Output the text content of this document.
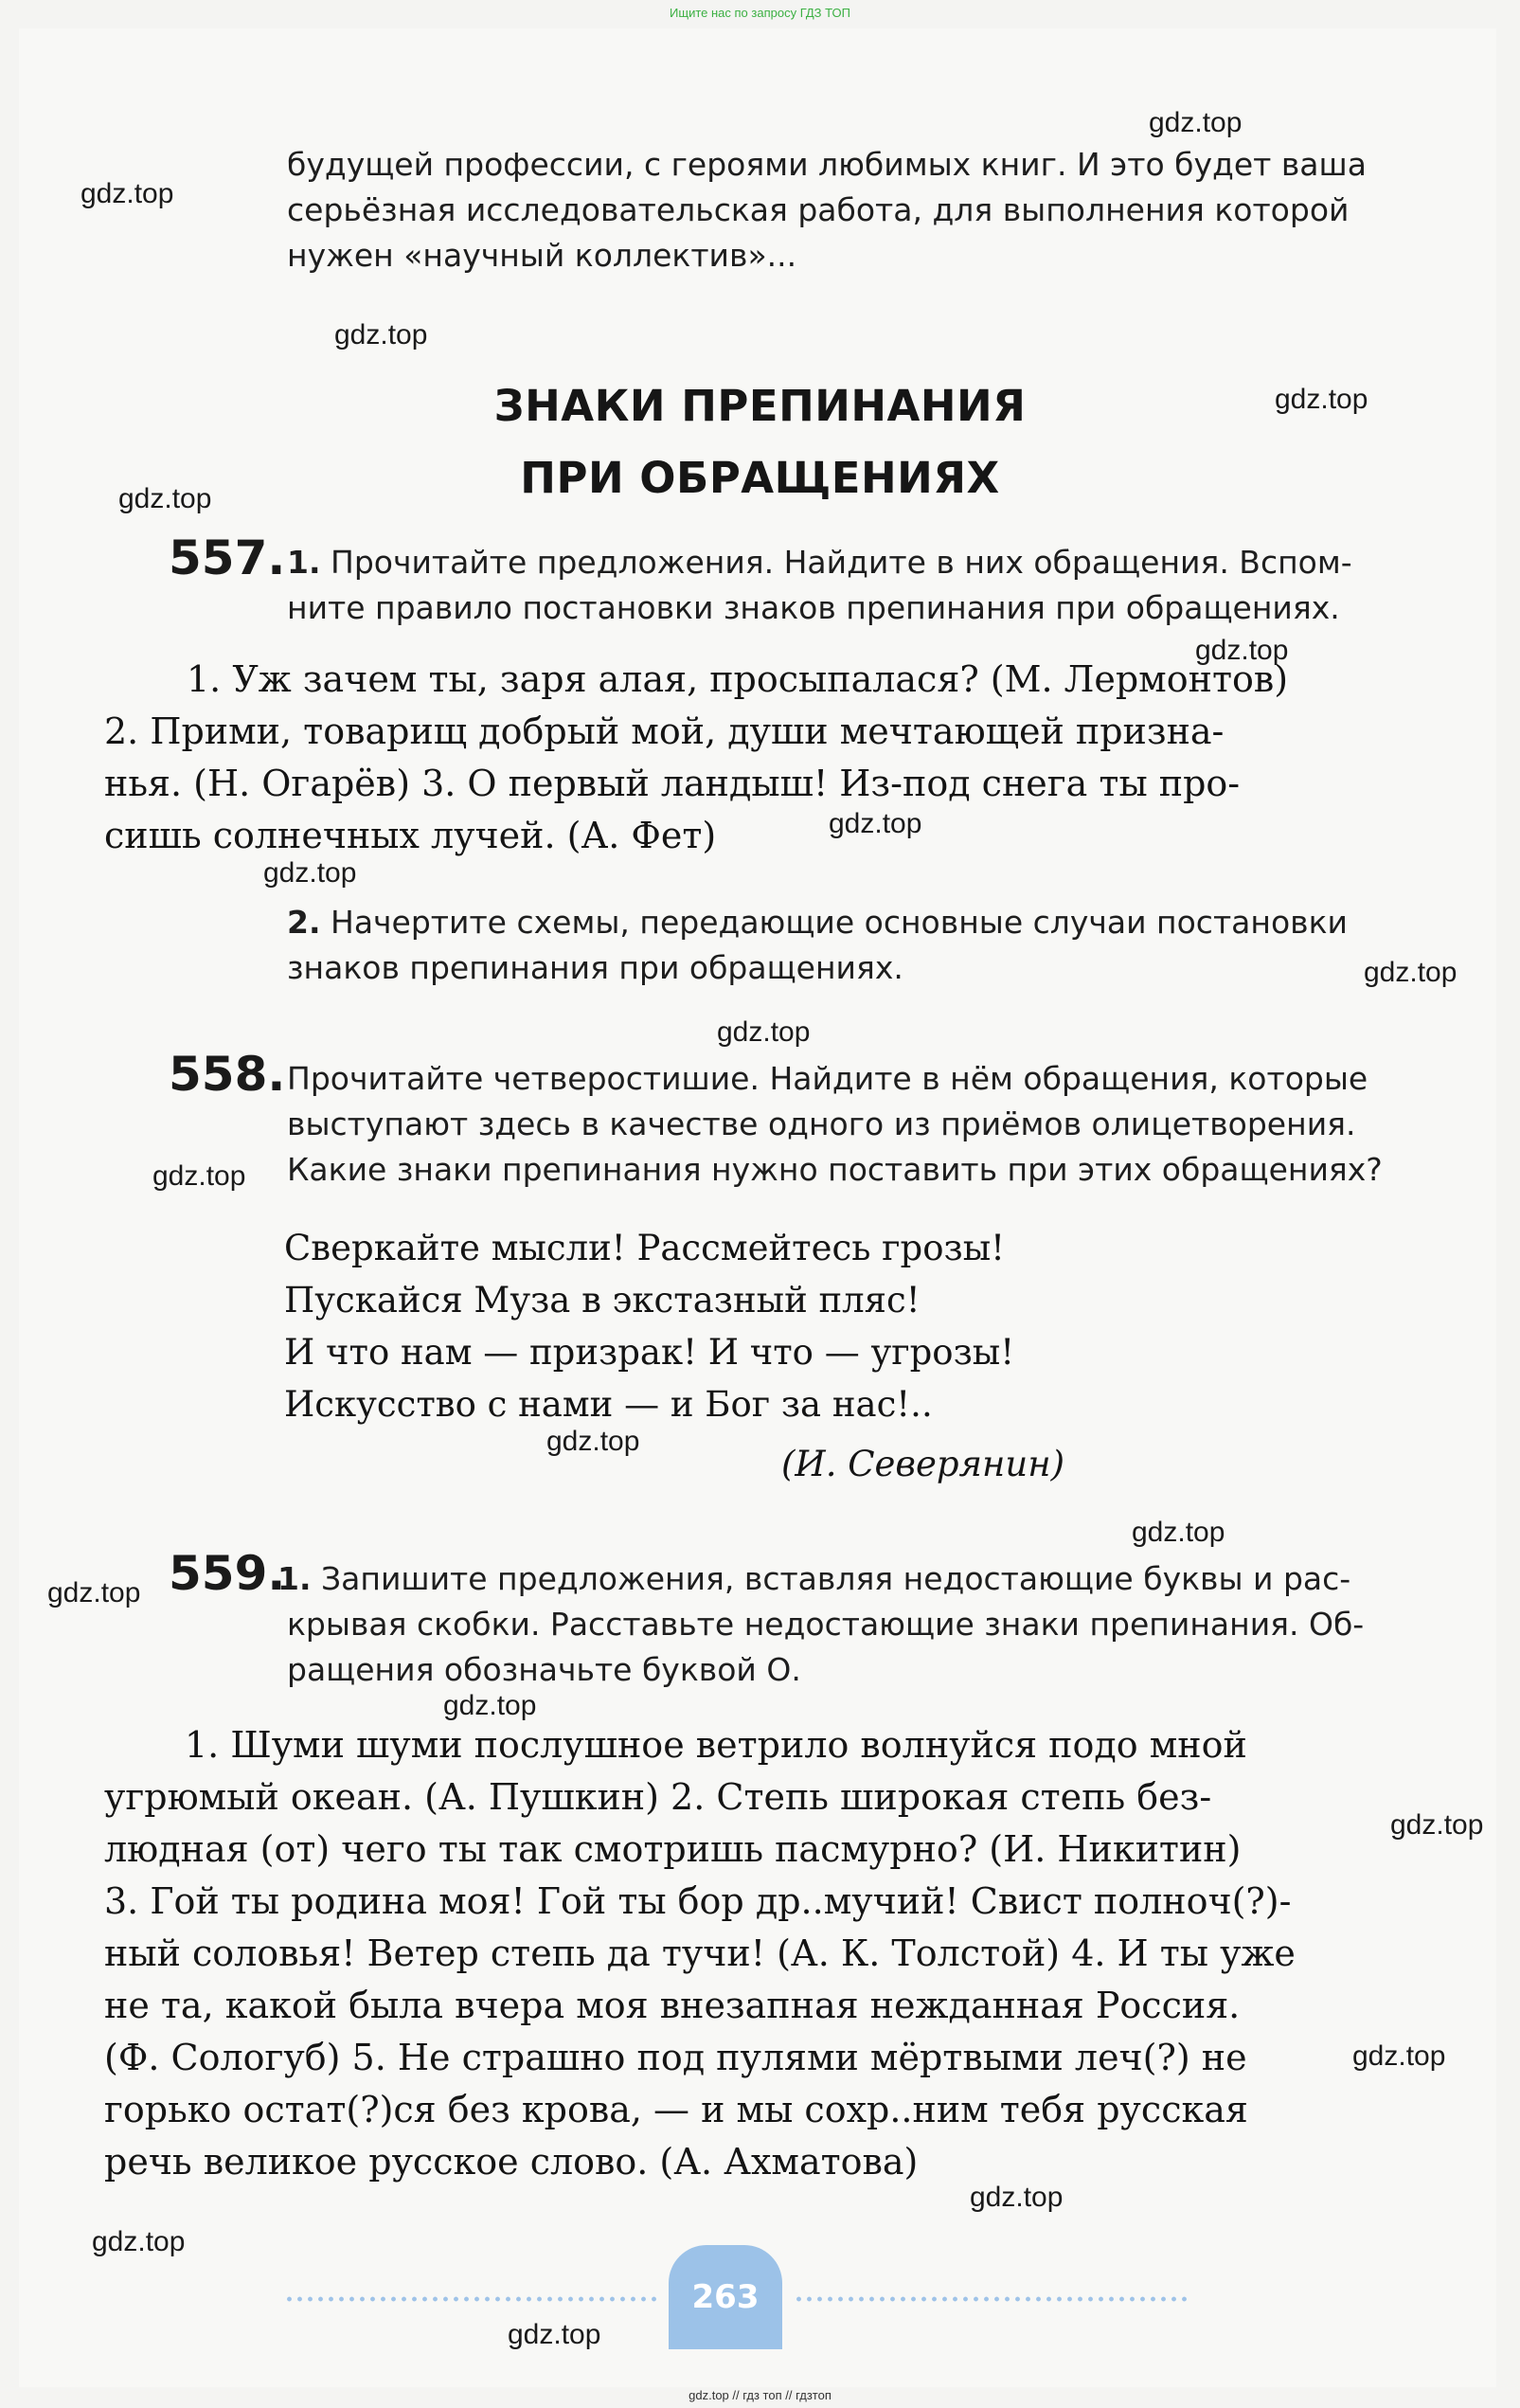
Ищите нас по запросу ГДЗ ТОП
будущей профессии, с героями любимых книг. И это будет ваша
серьёзная исследовательская работа, для выполнения которой
нужен «научный коллектив»...
ЗНАКИ ПРЕПИНАНИЯ
ПРИ ОБРАЩЕНИЯХ
557. 1. Прочитайте предложения. Найдите в них обращения. Вспом-
ните правило постановки знаков препинания при обращениях.
1. Уж зачем ты, заря алая, просыпалася? (М. Лермонтов)
2. Прими, товарищ добрый мой, души мечтающей призна-
нья. (Н. Огарёв) 3. О первый ландыш! Из-под снега ты про-
сишь солнечных лучей. (А. Фет)
2. Начертите схемы, передающие основные случаи постановки
знаков препинания при обращениях.
558. Прочитайте четверостишие. Найдите в нём обращения, которые
выступают здесь в качестве одного из приёмов олицетворения.
Какие знаки препинания нужно поставить при этих обращениях?
Сверкайте мысли! Рассмейтесь грозы!
Пускайся Муза в экстазный пляс!
И что нам — призрак! И что — угрозы!
Искусство с нами — и Бог за нас!..
(И. Северянин)
559.
1. Запишите предложения, вставляя недостающие буквы и рас-
крывая скобки. Расставьте недостающие знаки препинания. Об-
ращения обозначьте буквой О.
1. Шуми шуми послушное ветрило волнуйся подо мной
угрюмый океан. (А. Пушкин) 2. Степь широкая степь без-
людная (от) чего ты так смотришь пасмурно? (И. Никитин)
3. Гой ты родина моя! Гой ты бор др..мучий! Свист полноч(?)-
ный соловья! Ветер степь да тучи! (А. К. Толстой) 4. И ты уже
не та, какой была вчера моя внезапная нежданная Россия.
(Ф. Сологуб) 5. Не страшно под пулями мёртвыми леч(?) не
горько остат(?)ся без крова, — и мы сохр..ним тебя русская
речь великое русское слово. (А. Ахматова)
263
gdz.top
gdz.top
gdz.top
gdz.top
gdz.top
gdz.top
gdz.top
gdz.top
gdz.top
gdz.top
gdz.top
gdz.top
gdz.top
gdz.top
gdz.top
gdz.top
gdz.top
gdz.top
gdz.top
gdz.top
gdz.top // гдз топ // гдзтоп
